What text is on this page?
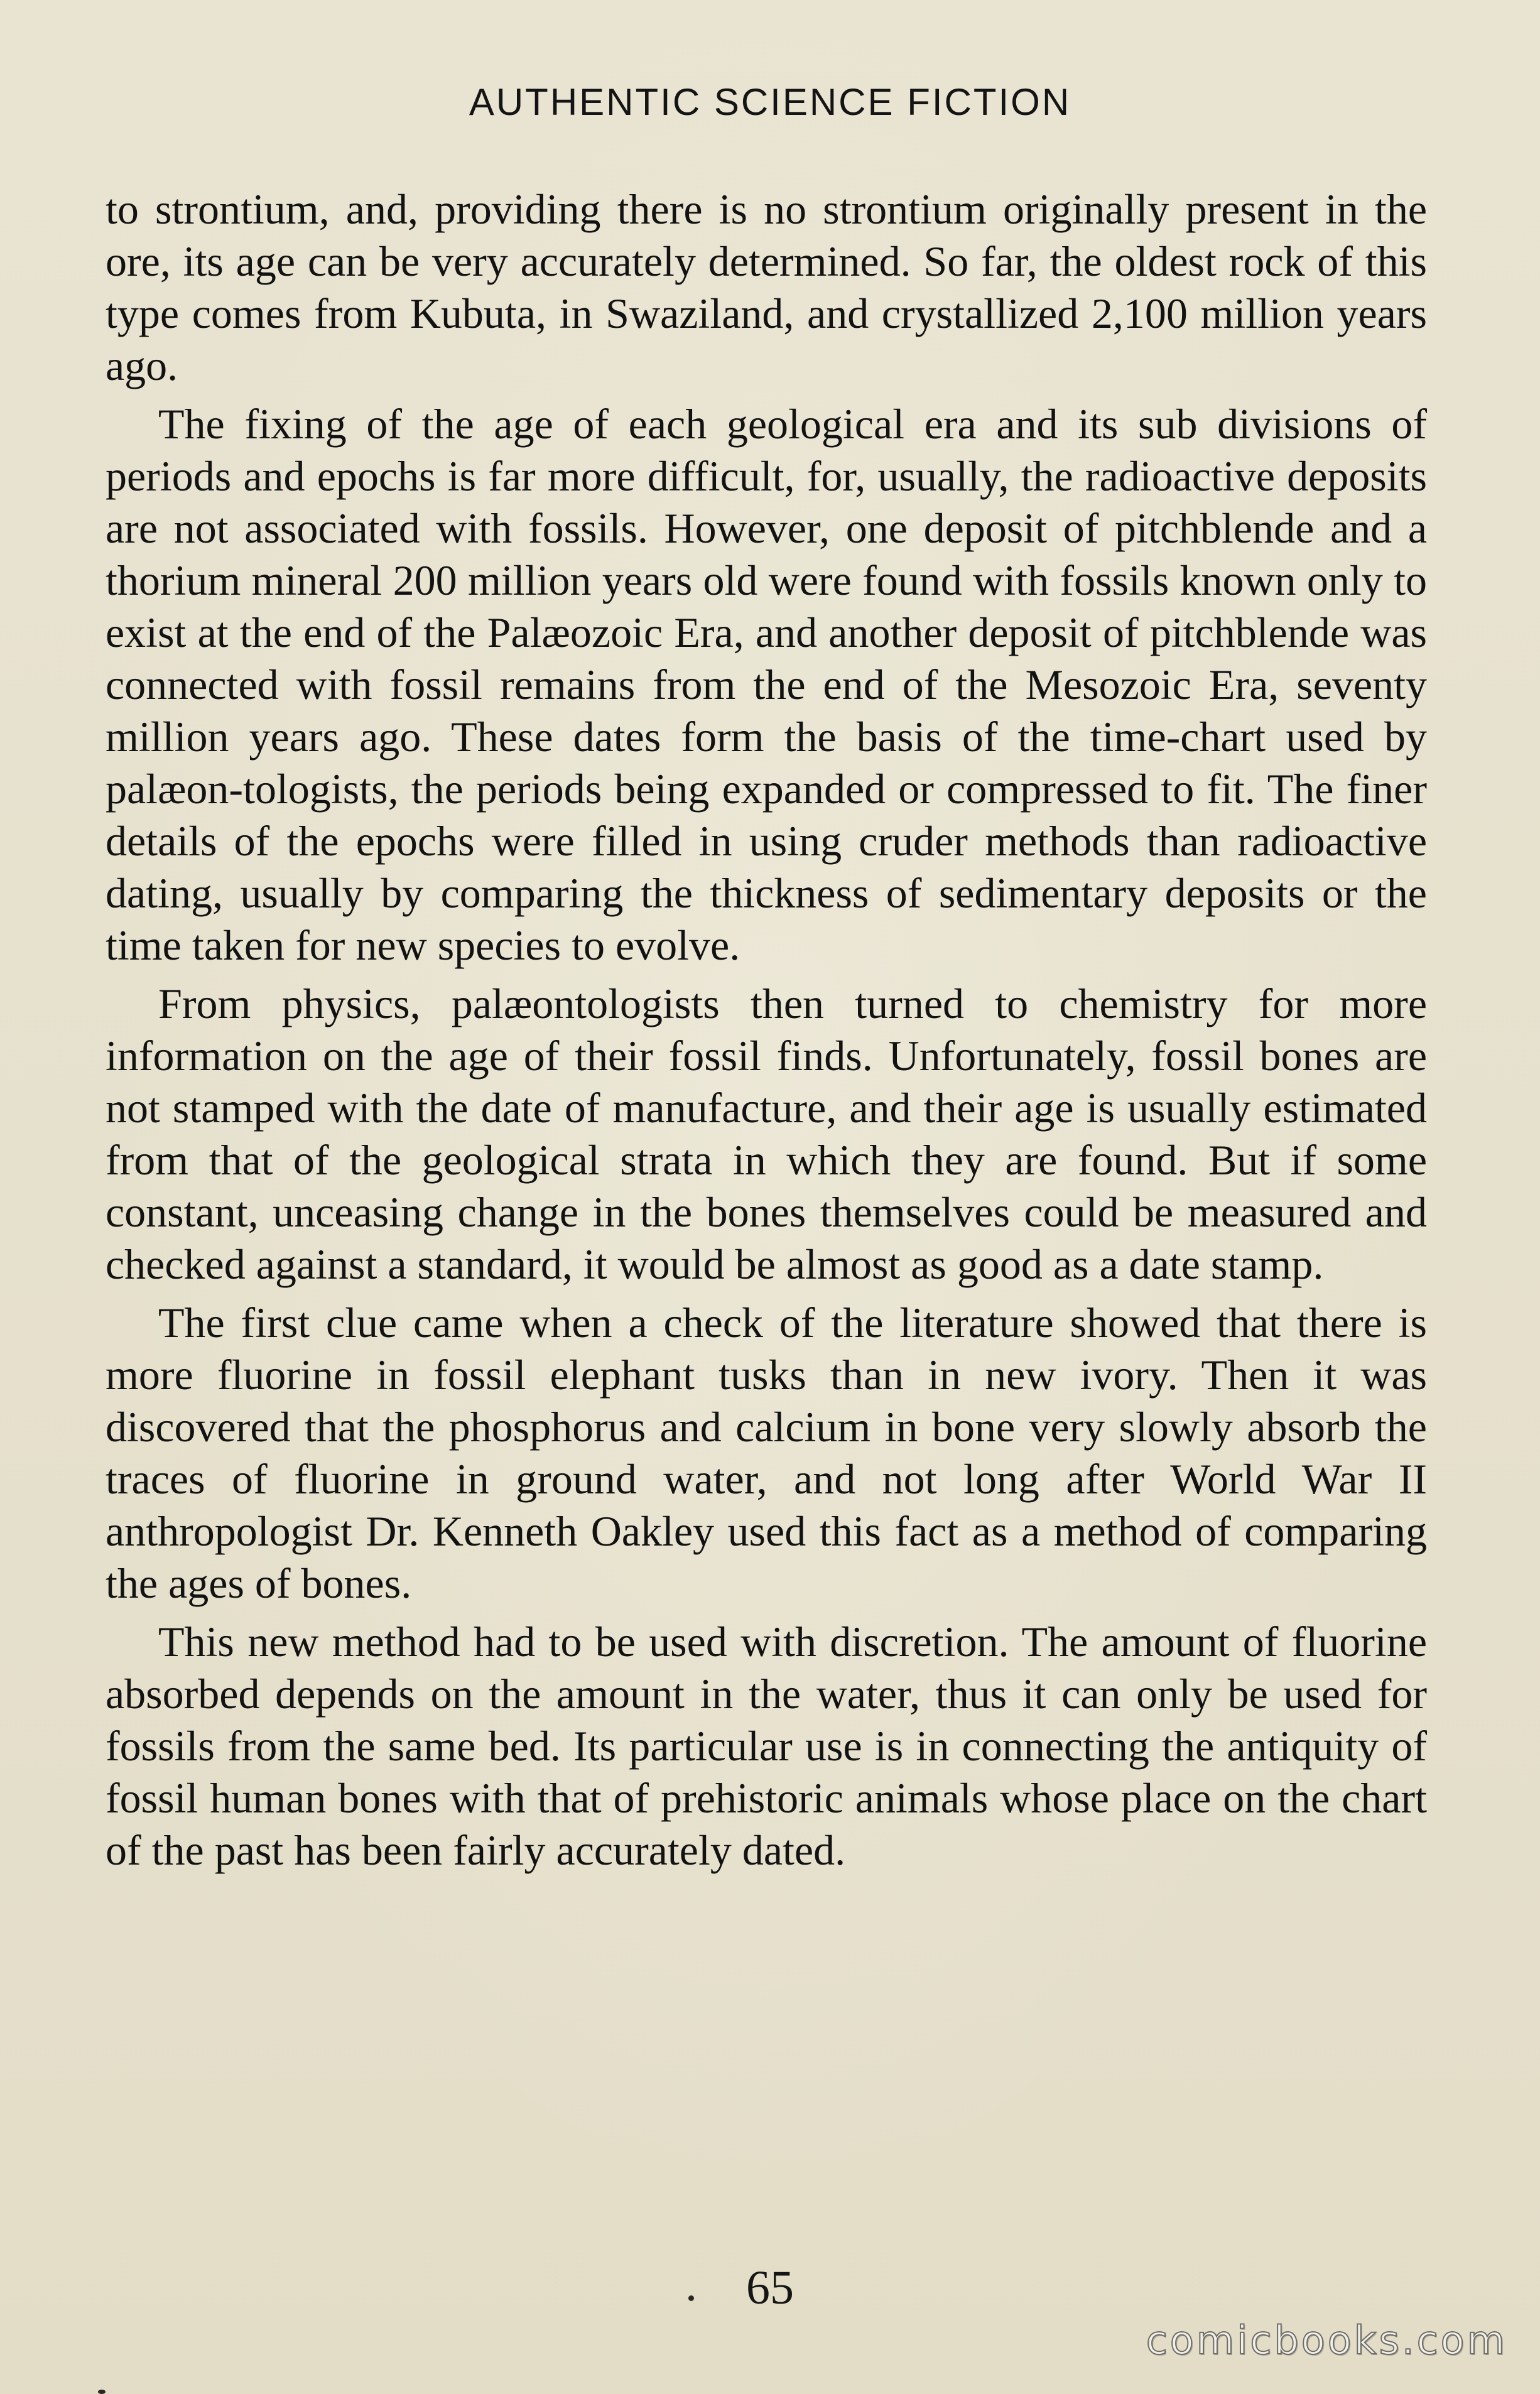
AUTHENTIC SCIENCE FICTION

to strontium, and, providing there is no strontium originally present in the ore, its age can be very accurately determined. So far, the oldest rock of this type comes from Kubuta, in Swaziland, and crystallized 2,100 million years ago.

The fixing of the age of each geological era and its sub divisions of periods and epochs is far more difficult, for, usually, the radioactive deposits are not associated with fossils. However, one deposit of pitchblende and a thorium mineral 200 million years old were found with fossils known only to exist at the end of the Palæozoic Era, and another deposit of pitchblende was connected with fossil remains from the end of the Mesozoic Era, seventy million years ago. These dates form the basis of the time-chart used by palæon-tologists, the periods being expanded or compressed to fit. The finer details of the epochs were filled in using cruder methods than radioactive dating, usually by comparing the thickness of sedimentary deposits or the time taken for new species to evolve.

From physics, palæontologists then turned to chemistry for more information on the age of their fossil finds. Unfortunately, fossil bones are not stamped with the date of manufacture, and their age is usually estimated from that of the geological strata in which they are found. But if some constant, unceasing change in the bones themselves could be measured and checked against a standard, it would be almost as good as a date stamp.

The first clue came when a check of the literature showed that there is more fluorine in fossil elephant tusks than in new ivory. Then it was discovered that the phosphorus and calcium in bone very slowly absorb the traces of fluorine in ground water, and not long after World War II anthropologist Dr. Kenneth Oakley used this fact as a method of comparing the ages of bones.

This new method had to be used with discretion. The amount of fluorine absorbed depends on the amount in the water, thus it can only be used for fossils from the same bed. Its particular use is in connecting the antiquity of fossil human bones with that of prehistoric animals whose place on the chart of the past has been fairly accurately dated.

65
comicbooks.com
